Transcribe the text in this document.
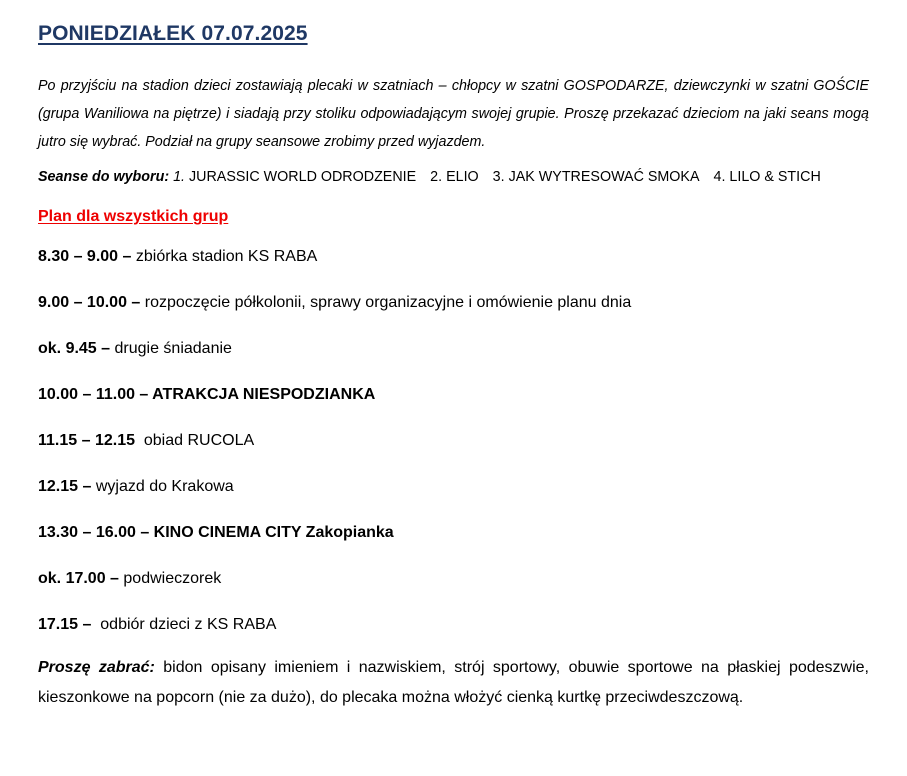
PONIEDZIAŁEK 07.07.2025

Po przyjściu na stadion dzieci zostawiają plecaki w szatniach – chłopcy w szatni GOSPODARZE, dziewczynki w szatni GOŚCIE (grupa Waniliowa na piętrze) i siadają przy stoliku odpowiadającym swojej grupie. Proszę przekazać dzieciom na jaki seans mogą jutro się wybrać. Podział na grupy seansowe zrobimy przed wyjazdem.

Seanse do wyboru: 1. JURASSIC WORLD ODRODZENIE 2. ELIO 3. JAK WYTRESOWAĆ SMOKA 4. LILO & STICH
Plan dla wszystkich grup
8.30 – 9.00 – zbiórka stadion KS RABA
9.00 – 10.00 – rozpoczęcie półkolonii, sprawy organizacyjne i omówienie planu dnia
ok. 9.45 – drugie śniadanie
10.00 – 11.00 – ATRAKCJA NIESPODZIANKA
11.15 – 12.15  obiad RUCOLA
12.15 – wyjazd do Krakowa
13.30 – 16.00 – KINO CINEMA CITY Zakopianka
ok. 17.00 – podwieczorek
17.15 –  odbiór dzieci z KS RABA

Proszę zabrać: bidon opisany imieniem i nazwiskiem, strój sportowy, obuwie sportowe na płaskiej podeszwie, kieszonkowe na popcorn (nie za dużo), do plecaka można włożyć cienką kurtkę przeciwdeszczową.
